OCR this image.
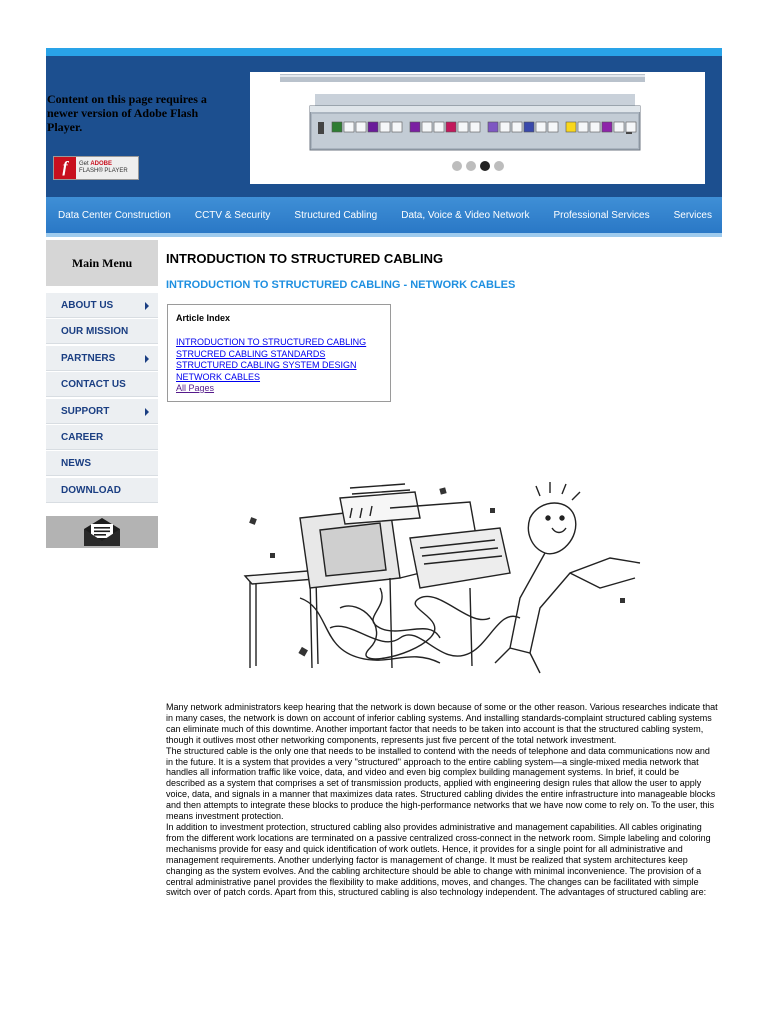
Content on this page requires a newer version of Adobe Flash Player.
f	Get ADOBE
FLASH® PLAYER
Data Center Construction	CCTV & Security	Structured Cabling	Data, Voice & Video Network	Professional Services	Services
Main Menu
ABOUT US
OUR MISSION
PARTNERS
CONTACT US
SUPPORT
CAREER
NEWS
DOWNLOAD
INTRODUCTION TO STRUCTURED CABLING
INTRODUCTION TO STRUCTURED CABLING - NETWORK CABLES
Article Index
INTRODUCTION TO STRUCTURED CABLING
STRUCRED CABLING STANDARDS
STRUCTURED CABLING SYSTEM DESIGN
NETWORK CABLES
All Pages

Many network administrators keep hearing that the network is down because of some or the other reason. Various researches indicate that in many cases, the network is down on account of inferior cabling systems. And installing standards-complaint structured cabling systems can eliminate much of this downtime. Another important factor that needs to be taken into account is that the structured cabling system, though it outlives most other networking components, represents just five percent of the total network investment.

The structured cable is the only one that needs to be installed to contend with the needs of telephone and data communications now and in the future. It is a system that provides a very "structured" approach to the entire cabling system—a single-mixed media network that handles all information traffic like voice, data, and video and even big complex building management systems. In brief, it could be described as a system that comprises a set of transmission products, applied with engineering design rules that allow the user to apply voice, data, and signals in a manner that maximizes data rates. Structured cabling divides the entire infrastructure into manageable blocks and then attempts to integrate these blocks to produce the high-performance networks that we have now come to rely on. To the user, this means investment protection.

In addition to investment protection, structured cabling also provides administrative and management capabilities. All cables originating from the different work locations are terminated on a passive centralized cross-connect in the network room. Simple labeling and coloring mechanisms provide for easy and quick identification of work outlets. Hence, it provides for a single point for all administrative and management requirements. Another underlying factor is management of change. It must be realized that system architectures keep changing as the system evolves. And the cabling architecture should be able to change with minimal inconvenience. The provision of a central administrative panel provides the flexibility to make additions, moves, and changes. The changes can be facilitated with simple switch over of patch cords. Apart from this, structured cabling is also technology independent. The advantages of structured cabling are:
